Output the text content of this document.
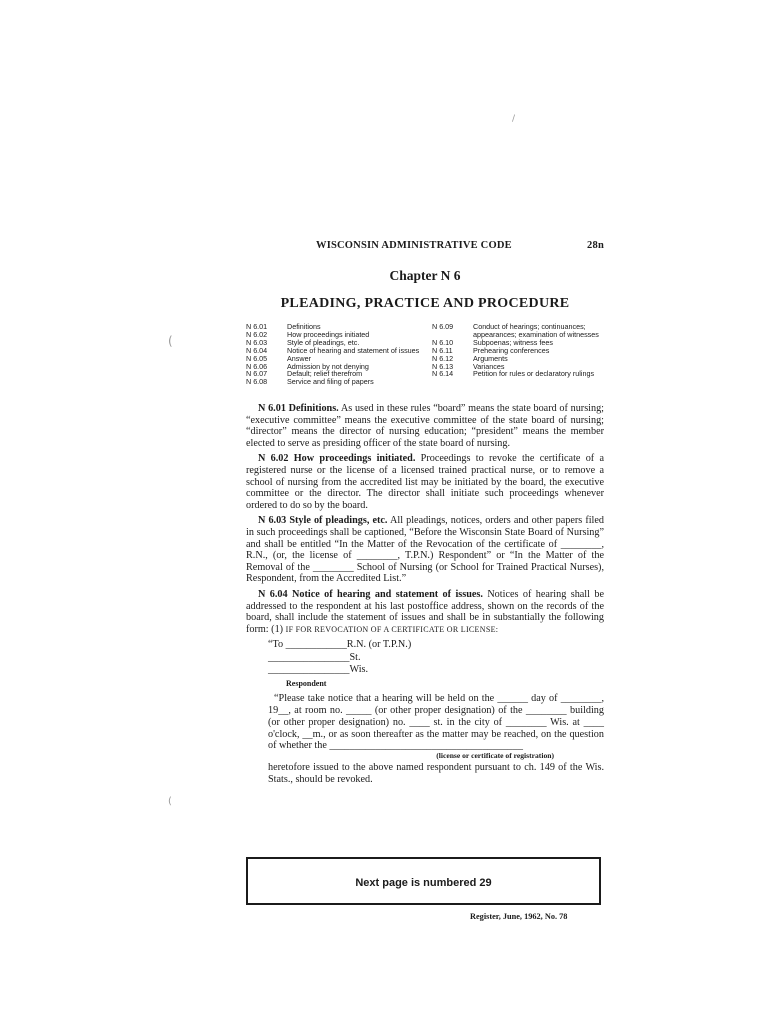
(
(
/
WISCONSIN ADMINISTRATIVE CODE	28n
Chapter N 6
PLEADING, PRACTICE AND PROCEDURE
N 6.01	Definitions
N 6.02	How proceedings initiated
N 6.03	Style of pleadings, etc.
N 6.04	Notice of hearing and statement of issues
N 6.05	Answer
N 6.06	Admission by not denying
N 6.07	Default; relief therefrom
N 6.08	Service and filing of papers
N 6.09	Conduct of hearings; continuances; appearances; examination of witnesses
N 6.10	Subpoenas; witness fees
N 6.11	Prehearing conferences
N 6.12	Arguments
N 6.13	Variances
N 6.14	Petition for rules or declaratory rulings

N 6.01 Definitions. As used in these rules “board” means the state board of nursing; “executive committee” means the executive committee of the state board of nursing; “director” means the director of nursing education; “president” means the member elected to serve as presiding officer of the state board of nursing.

N 6.02 How proceedings initiated. Proceedings to revoke the certificate of a registered nurse or the license of a licensed trained practical nurse, or to remove a school of nursing from the accredited list may be initiated by the board, the executive committee or the director. The director shall initiate such proceedings whenever ordered to do so by the board.

N 6.03 Style of pleadings, etc. All pleadings, notices, orders and other papers filed in such proceedings shall be captioned, “Before the Wisconsin State Board of Nursing” and shall be entitled “In the Matter of the Revocation of the certificate of ________, R.N., (or, the license of ________, T.P.N.) Respondent” or “In the Matter of the Removal of the ________ School of Nursing (or School for Trained Practical Nurses), Respondent, from the Accredited List.”

N 6.04 Notice of hearing and statement of issues. Notices of hearing shall be addressed to the respondent at his last postoffice address, shown on the records of the board, shall include the statement of issues and shall be in substantially the following form: (1) IF FOR REVOCATION OF A CERTIFICATE OR LICENSE:

“To ____________R.N. (or T.P.N.)
________________St.
________________Wis.
Respondent
“Please take notice that a hearing will be held on the ______ day of ________, 19__, at room no. _____ (or other proper designation) of the ________ building (or other proper designation) no. ____ st. in the city of ________ Wis. at ____ o'clock, __m., or as soon thereafter as the matter may be reached, on the question of whether the ______________________________________
(license or certificate of registration)
heretofore issued to the above named respondent pursuant to ch. 149 of the Wis. Stats., should be revoked.
Next page is numbered 29
Register, June, 1962, No. 78
